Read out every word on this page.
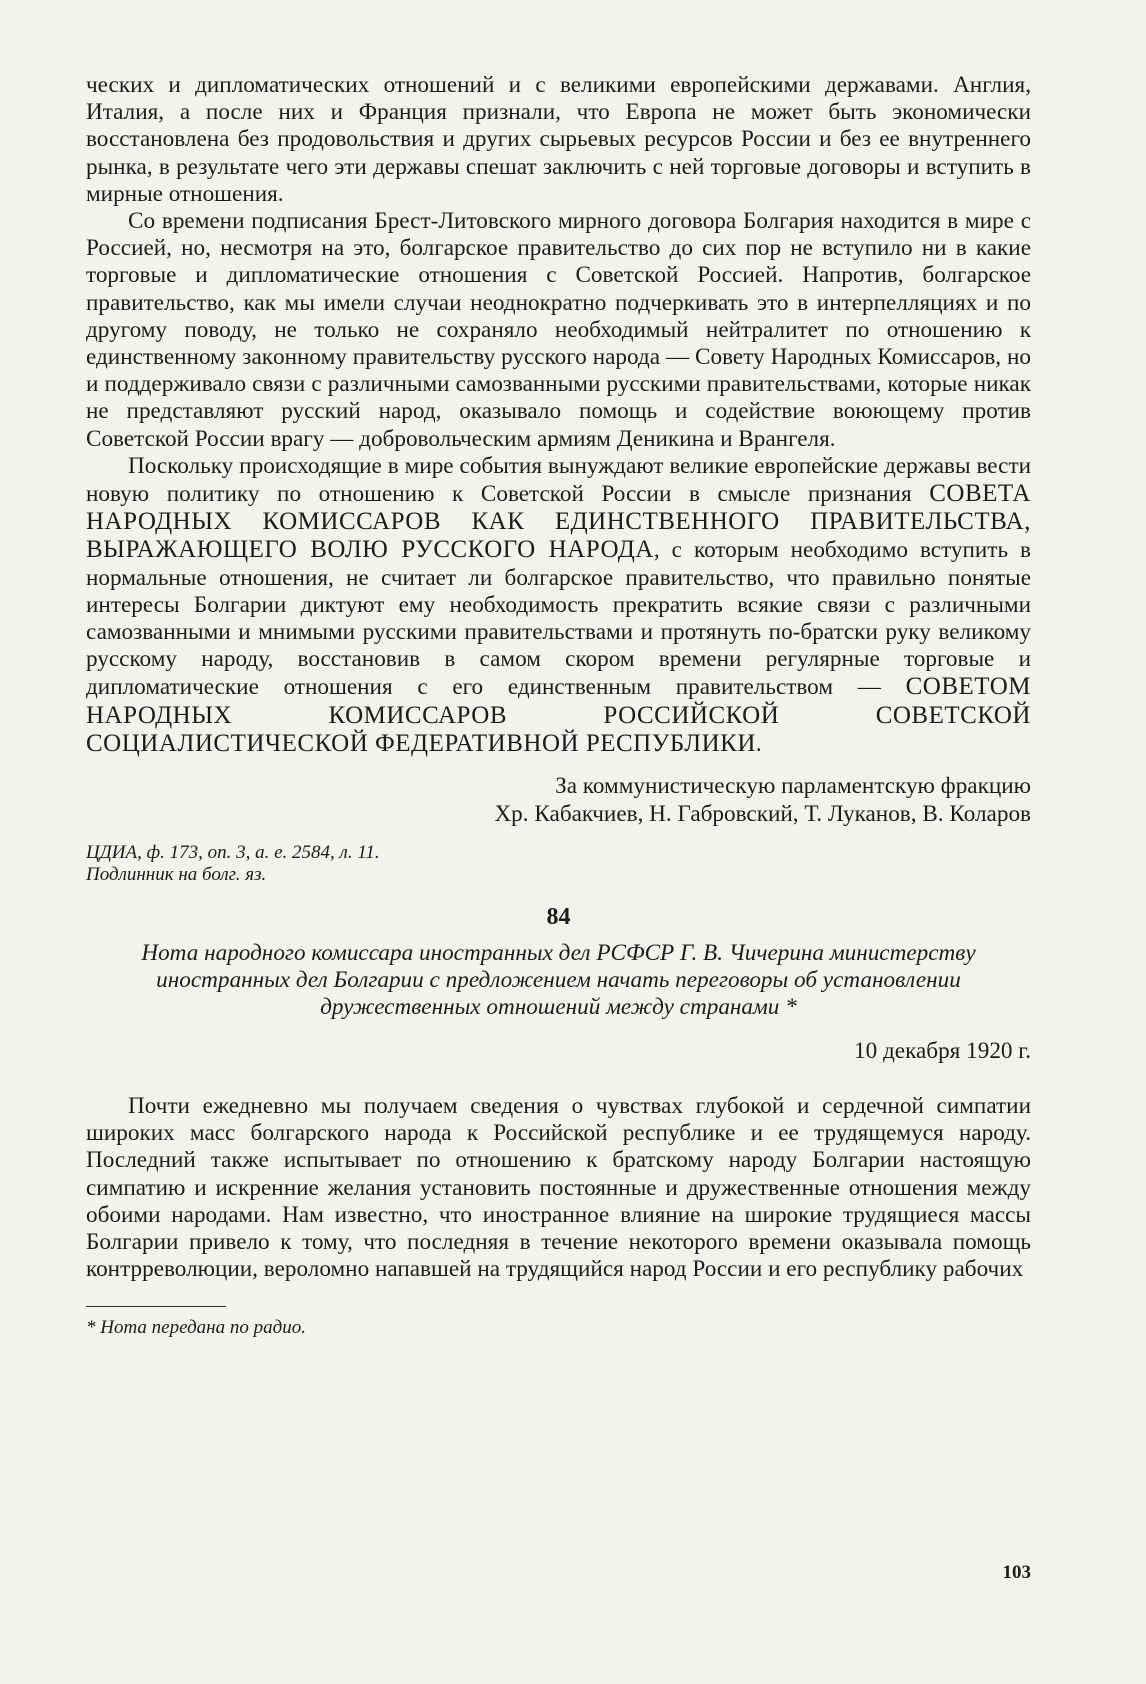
ческих и дипломатических отношений и с великими европейскими державами. Англия, Италия, а после них и Франция признали, что Европа не может быть экономически восстановлена без продовольствия и других сырьевых ресурсов России и без ее внутреннего рынка, в результате чего эти державы спешат заключить с ней торговые договоры и вступить в мирные отношения.

Со времени подписания Брест-Литовского мирного договора Болгария находится в мире с Россией, но, несмотря на это, болгарское правительство до сих пор не вступило ни в какие торговые и дипломатические отношения с Советской Россией. Напротив, болгарское правительство, как мы имели случаи неоднократно подчеркивать это в интерпелляциях и по другому поводу, не только не сохраняло необходимый нейтралитет по отношению к единственному закoнному правительству русского народа — Совету Народных Комиссаров, но и поддерживало связи с различными самозванными русскими правительствами, которые никак не представляют русский народ, оказывало помощь и содействие воюющему против Советской России врагу — добровольческим армиям Деникина и Врангеля.

Поскольку происходящие в мире события вынуждают великие европейские державы вести новую политику по отношению к Советской России в смысле признания СОВЕТА НАРОДНЫХ КОМИССАРОВ КАК ЕДИНСТВЕННОГО ПРАВИТЕЛЬСТВА, ВЫРАЖАЮЩЕГО ВОЛЮ РУССКОГО НАРОДА, с которым необходимо вступить в нормальные отношения, не считает ли болгарское правительство, что правильно понятые интересы Болгарии диктуют ему необходимость прекратить всякие связи с различными самозванными и мнимыми русскими правительствами и протянуть по-братски руку великому русскому народу, восстановив в самом скором времени регулярные торговые и дипломатические отношения с его единственным правительством — СОВЕТОМ НАРОДНЫХ КОМИССАРОВ РОССИЙСКОЙ СОВЕТСКОЙ СОЦИАЛИСТИЧЕСКОЙ ФЕДЕРАТИВНОЙ РЕСПУБЛИКИ.

За коммунистическую парламентскую фракцию
Хр. Кабакчиев, Н. Габровский, Т. Луканов, В. Коларов
ЦДИА, ф. 173, оп. 3, а. е. 2584, л. 11.
Подлинник на болг. яз.
84

Нота народного комиссара иностранных дел РСФСР Г. В. Чичерина министерству иностранных дел Болгарии с предложением начать переговоры об установлении дружественных отношений между странами *

10 декабря 1920 г.

Почти ежедневно мы получаем сведения о чувствах глубокой и сердечной симпатии широких масс болгарского народа к Российской республике и ее трудящемуся народу. Последний также испытывает по отношению к братскому народу Болгарии настоящую симпатию и искренние желания установить постоянные и дружественные отношения между обоими народами. Нам известно, что иностранное влияние на широкие трудящиеся массы Болгарии привело к тому, что последняя в течение некоторого времени оказывала помощь контрреволюции, вероломно напавшей на трудящийся народ России и его республику рабочих

* Нота передана по радио.
103
